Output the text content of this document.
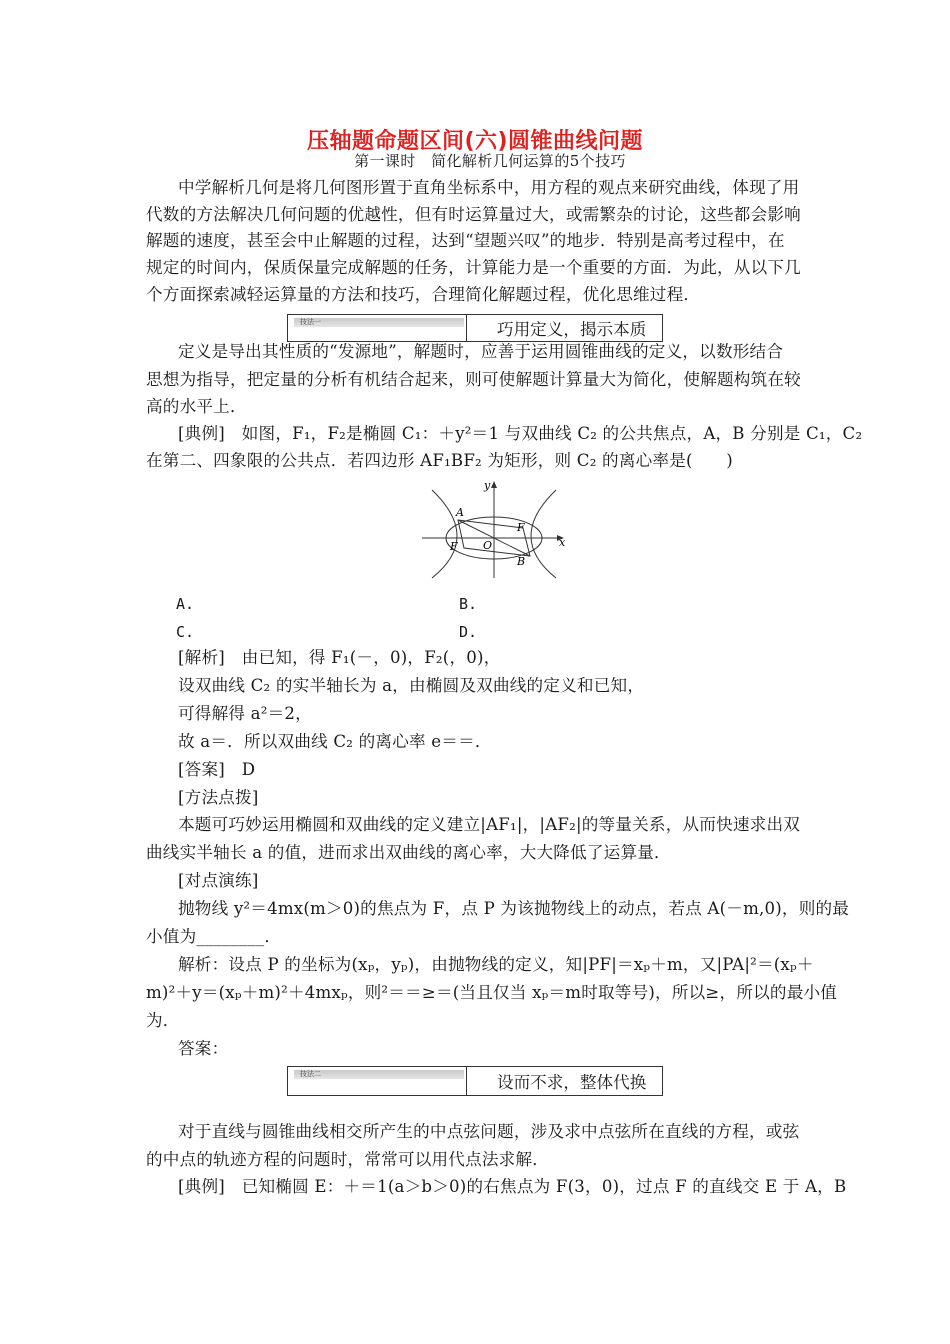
压轴题命题区间(六)圆锥曲线问题
第一课时　简化解析几何运算的5个技巧
中学解析几何是将几何图形置于直角坐标系中，用方程的观点来研究曲线，体现了用
代数的方法解决几何问题的优越性，但有时运算量过大，或需繁杂的讨论，这些都会影响
解题的速度，甚至会中止解题的过程，达到“望题兴叹”的地步．特别是高考过程中，在
规定的时间内，保质保量完成解题的任务，计算能力是一个重要的方面．为此，从以下几
个方面探索减轻运算量的方法和技巧，合理简化解题过程，优化思维过程．
技法一	巧用定义，揭示本质
定义是导出其性质的“发源地”，解题时，应善于运用圆锥曲线的定义，以数形结合
思想为指导，把定量的分析有机结合起来，则可使解题计算量大为简化，使解题构筑在较
高的水平上．
[典例]　如图，F₁，F₂是椭圆 C₁：＋y²＝1 与双曲线 C₂ 的公共焦点，A，B 分别是 C₁，C₂
在第二、四象限的公共点．若四边形 AF₁BF₂ 为矩形，则 C₂ 的离心率是(　　)
y
x
A
B
O
F
F
A.	B.
C.	D.
[解析]　由已知，得 F₁(－，0)，F₂(，0)，
设双曲线 C₂ 的实半轴长为 a，由椭圆及双曲线的定义和已知，
可得解得 a²＝2，
故 a＝．所以双曲线 C₂ 的离心率 e＝＝．
[答案]　D
[方法点拨]
本题可巧妙运用椭圆和双曲线的定义建立|AF₁|，|AF₂|的等量关系，从而快速求出双
曲线实半轴长 a 的值，进而求出双曲线的离心率，大大降低了运算量．
[对点演练]
抛物线 y²＝4mx(m＞0)的焦点为 F，点 P 为该抛物线上的动点，若点 A(－m,0)，则的最
小值为________．
解析：设点 P 的坐标为(xₚ，yₚ)，由抛物线的定义，知|PF|＝xₚ＋m，又|PA|²＝(xₚ＋
m)²＋y＝(xₚ＋m)²＋4mxₚ，则²＝＝≥＝(当且仅当 xₚ＝m时取等号)，所以≥，所以的最小值
为．
答案：
技法二	设而不求，整体代换
对于直线与圆锥曲线相交所产生的中点弦问题，涉及求中点弦所在直线的方程，或弦
的中点的轨迹方程的问题时，常常可以用代点法求解．
[典例]　已知椭圆 E：＋＝1(a＞b＞0)的右焦点为 F(3，0)，过点 F 的直线交 E 于 A，B
